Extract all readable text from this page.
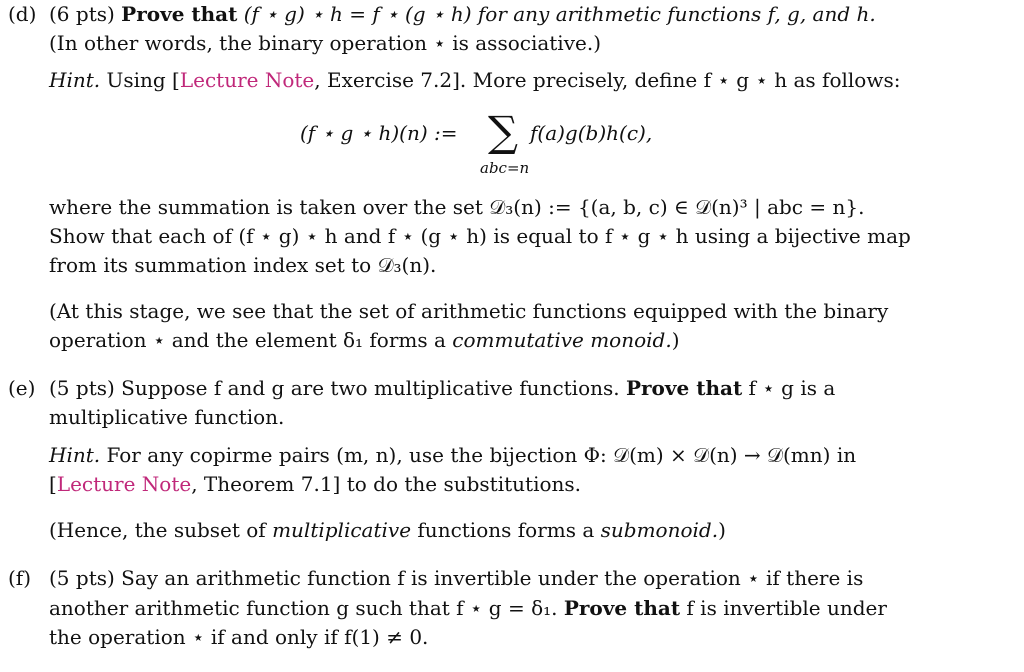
(d) (6 pts) Prove that (f ⋆ g) ⋆ h = f ⋆ (g ⋆ h) for any arithmetic functions f, g, and h.
(In other words, the binary operation ⋆ is associative.)
Hint. Using [Lecture Note, Exercise 7.2]. More precisely, define f ⋆ g ⋆ h as follows:
(f ⋆ g ⋆ h)(n) := ∑ f(a)g(b)h(c),
abc=n
where the summation is taken over the set 𝒟₃(n) := {(a, b, c) ∈ 𝒟(n)³ | abc = n}.
Show that each of (f ⋆ g) ⋆ h and f ⋆ (g ⋆ h) is equal to f ⋆ g ⋆ h using a bijective map
from its summation index set to 𝒟₃(n).
(At this stage, we see that the set of arithmetic functions equipped with the binary
operation ⋆ and the element δ₁ forms a commutative monoid.)
(e) (5 pts) Suppose f and g are two multiplicative functions. Prove that f ⋆ g is a
multiplicative function.
Hint. For any copirme pairs (m, n), use the bijection Φ: 𝒟(m) × 𝒟(n) → 𝒟(mn) in
[Lecture Note, Theorem 7.1] to do the substitutions.
(Hence, the subset of multiplicative functions forms a submonoid.)
(f) (5 pts) Say an arithmetic function f is invertible under the operation ⋆ if there is
another arithmetic function g such that f ⋆ g = δ₁. Prove that f is invertible under
the operation ⋆ if and only if f(1) ≠ 0.
